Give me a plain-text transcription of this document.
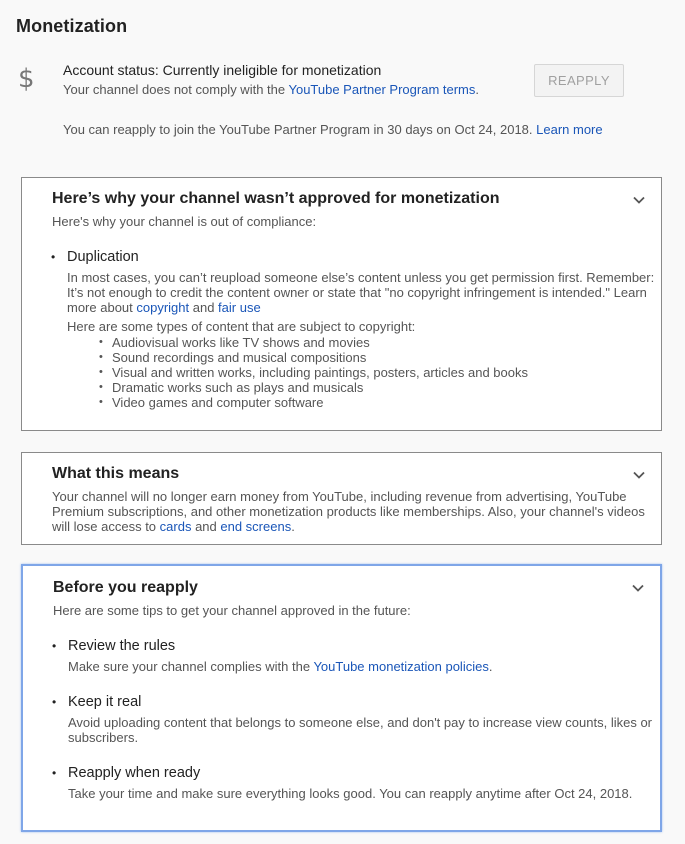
Monetization
$ Account status: Currently ineligible for monetization
Your channel does not comply with the YouTube Partner Program terms.
REAPPLY
You can reapply to join the YouTube Partner Program in 30 days on Oct 24, 2018. Learn more
Here’s why your channel wasn’t approved for monetization
Here's why your channel is out of compliance:
• Duplication
In most cases, you can’t reupload someone else’s content unless you get permission first. Remember: It’s not enough to credit the content owner or state that "no copyright infringement is intended." Learn more about copyright and fair use
Here are some types of content that are subject to copyright:
• Audiovisual works like TV shows and movies
• Sound recordings and musical compositions
• Visual and written works, including paintings, posters, articles and books
• Dramatic works such as plays and musicals
• Video games and computer software
What this means
Your channel will no longer earn money from YouTube, including revenue from advertising, YouTube Premium subscriptions, and other monetization products like memberships. Also, your channel's videos will lose access to cards and end screens.
Before you reapply
Here are some tips to get your channel approved in the future:
• Review the rules
Make sure your channel complies with the YouTube monetization policies.
• Keep it real
Avoid uploading content that belongs to someone else, and don't pay to increase view counts, likes or subscribers.
• Reapply when ready
Take your time and make sure everything looks good. You can reapply anytime after Oct 24, 2018.
